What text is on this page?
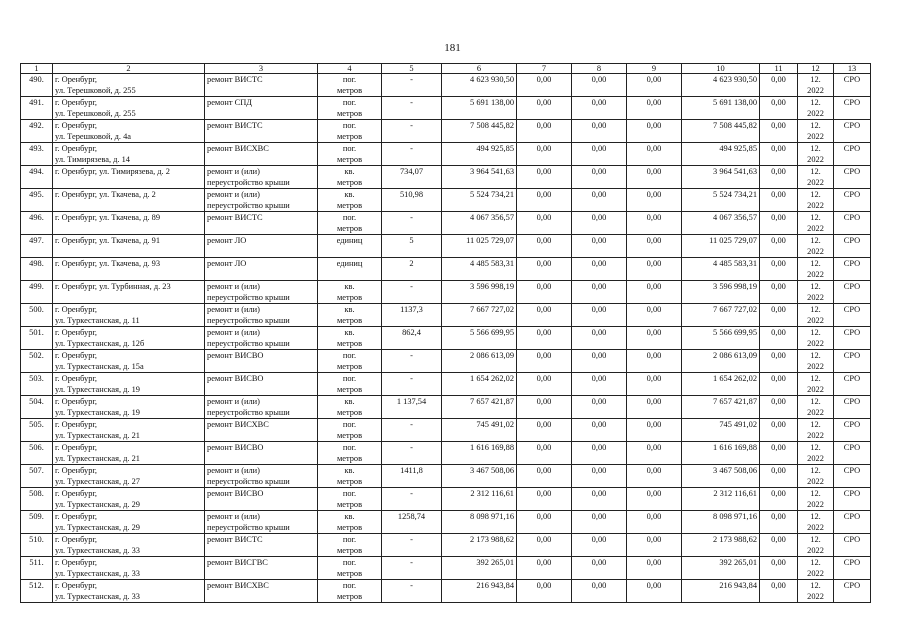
181
1	2	3	4	5	6	7	8	9	10	11	12	13

490.	г. Оренбург,
ул. Терешковой, д. 255	ремонт ВИСТС	пог.
метров	-	4 623 930,50	0,00	0,00	0,00	4 623 930,50	0,00	12.
2022	СРО

491.	г. Оренбург,
ул. Терешковой, д. 255	ремонт СПД	пог.
метров	-	5 691 138,00	0,00	0,00	0,00	5 691 138,00	0,00	12.
2022	СРО

492.	г. Оренбург,
ул. Терешковой, д. 4а	ремонт ВИСТС	пог.
метров	-	7 508 445,82	0,00	0,00	0,00	7 508 445,82	0,00	12.
2022	СРО

493.	г. Оренбург,
ул. Тимирязева, д. 14	ремонт ВИСХВС	пог.
метров	-	494 925,85	0,00	0,00	0,00	494 925,85	0,00	12.
2022	СРО

494.	г. Оренбург, ул. Тимирязева, д. 2	ремонт и (или)
переустройство крыши	кв.
метров	734,07	3 964 541,63	0,00	0,00	0,00	3 964 541,63	0,00	12.
2022	СРО

495.	г. Оренбург, ул. Ткачева, д. 2	ремонт и (или)
переустройство крыши	кв.
метров	510,98	5 524 734,21	0,00	0,00	0,00	5 524 734,21	0,00	12.
2022	СРО

496.	г. Оренбург, ул. Ткачева, д. 89	ремонт ВИСТС	пог.
метров	-	4 067 356,57	0,00	0,00	0,00	4 067 356,57	0,00	12.
2022	СРО

497.	г. Оренбург, ул. Ткачева, д. 91	ремонт ЛО	единиц	5	11 025 729,07	0,00	0,00	0,00	11 025 729,07	0,00	12.
2022	СРО

498.	г. Оренбург, ул. Ткачева, д. 93	ремонт ЛО	единиц	2	4 485 583,31	0,00	0,00	0,00	4 485 583,31	0,00	12.
2022	СРО

499.	г. Оренбург, ул. Турбинная, д. 23	ремонт и (или)
переустройство крыши	кв.
метров	-	3 596 998,19	0,00	0,00	0,00	3 596 998,19	0,00	12.
2022	СРО

500.	г. Оренбург,
ул. Туркестанская, д. 11	ремонт и (или)
переустройство крыши	кв.
метров	1137,3	7 667 727,02	0,00	0,00	0,00	7 667 727,02	0,00	12.
2022	СРО

501.	г. Оренбург,
ул. Туркестанская, д. 12б	ремонт и (или)
переустройство крыши	кв.
метров	862,4	5 566 699,95	0,00	0,00	0,00	5 566 699,95	0,00	12.
2022	СРО

502.	г. Оренбург,
ул. Туркестанская, д. 15а	ремонт ВИСВО	пог.
метров	-	2 086 613,09	0,00	0,00	0,00	2 086 613,09	0,00	12.
2022	СРО

503.	г. Оренбург,
ул. Туркестанская, д. 19	ремонт ВИСВО	пог.
метров	-	1 654 262,02	0,00	0,00	0,00	1 654 262,02	0,00	12.
2022	СРО

504.	г. Оренбург,
ул. Туркестанская, д. 19	ремонт и (или)
переустройство крыши	кв.
метров	1 137,54	7 657 421,87	0,00	0,00	0,00	7 657 421,87	0,00	12.
2022	СРО

505.	г. Оренбург,
ул. Туркестанская, д. 21	ремонт ВИСХВС	пог.
метров	-	745 491,02	0,00	0,00	0,00	745 491,02	0,00	12.
2022	СРО

506.	г. Оренбург,
ул. Туркестанская, д. 21	ремонт ВИСВО	пог.
метров	-	1 616 169,88	0,00	0,00	0,00	1 616 169,88	0,00	12.
2022	СРО

507.	г. Оренбург,
ул. Туркестанская, д. 27	ремонт и (или)
переустройство крыши	кв.
метров	1411,8	3 467 508,06	0,00	0,00	0,00	3 467 508,06	0,00	12.
2022	СРО

508.	г. Оренбург,
ул. Туркестанская, д. 29	ремонт ВИСВО	пог.
метров	-	2 312 116,61	0,00	0,00	0,00	2 312 116,61	0,00	12.
2022	СРО

509.	г. Оренбург,
ул. Туркестанская, д. 29	ремонт и (или)
переустройство крыши	кв.
метров	1258,74	8 098 971,16	0,00	0,00	0,00	8 098 971,16	0,00	12.
2022	СРО

510.	г. Оренбург,
ул. Туркестанская, д. 33	ремонт ВИСТС	пог.
метров	-	2 173 988,62	0,00	0,00	0,00	2 173 988,62	0,00	12.
2022	СРО

511.	г. Оренбург,
ул. Туркестанская, д. 33	ремонт ВИСГВС	пог.
метров	-	392 265,01	0,00	0,00	0,00	392 265,01	0,00	12.
2022	СРО

512.	г. Оренбург,
ул. Туркестанская, д. 33	ремонт ВИСХВС	пог.
метров	-	216 943,84	0,00	0,00	0,00	216 943,84	0,00	12.
2022	СРО
